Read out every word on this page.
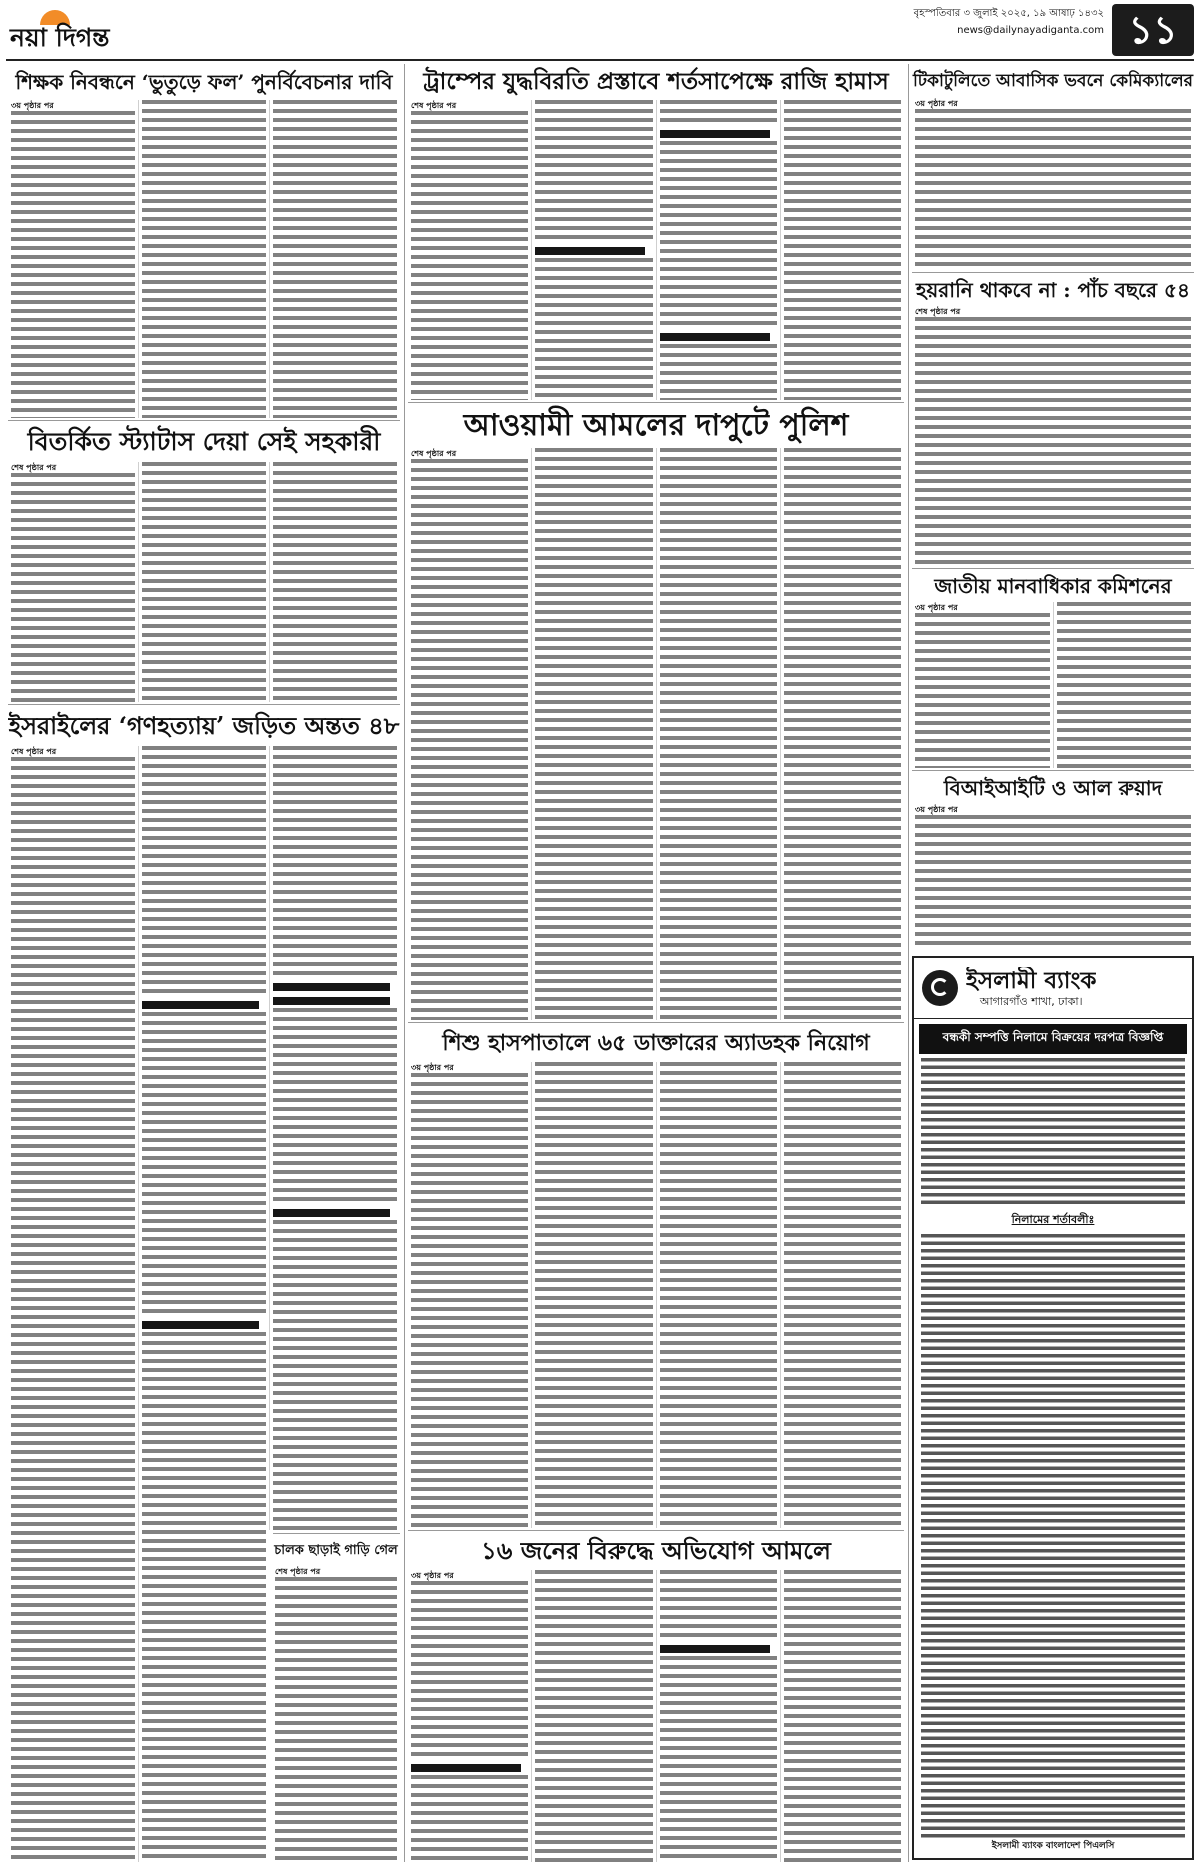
নয়া দিগন্ত
বৃহস্পতিবার ৩ জুলাই ২০২৫, ১৯ আষাঢ় ১৪৩২
news@dailynayadiganta.com ১১
শিক্ষক নিবন্ধনে ‘ভুতুড়ে ফল’ পুনর্বিবেচনার দাবি
৩য় পৃষ্ঠার পর
বিতর্কিত স্ট্যাটাস দেয়া সেই সহকারী
শেষ পৃষ্ঠার পর
ইসরাইলের ‘গণহত্যায়’ জড়িত অন্তত ৪৮
শেষ পৃষ্ঠার পর
চালক ছাড়াই গাড়ি গেল
শেষ পৃষ্ঠার পর
ট্রাম্পের যুদ্ধবিরতি প্রস্তাবে শর্তসাপেক্ষে রাজি হামাস
শেষ পৃষ্ঠার পর
আওয়ামী আমলের দাপুটে পুলিশ
শেষ পৃষ্ঠার পর
শিশু হাসপাতালে ৬৫ ডাক্তারের অ্যাডহক নিয়োগ
৩য় পৃষ্ঠার পর
১৬ জনের বিরুদ্ধে অভিযোগ আমলে
৩য় পৃষ্ঠার পর
টিকাটুলিতে আবাসিক ভবনে কেমিক্যালের
৩য় পৃষ্ঠার পর
হয়রানি থাকবে না : পাঁচ বছরে ৫৪
শেষ পৃষ্ঠার পর
জাতীয় মানবাধিকার কমিশনের
৩য় পৃষ্ঠার পর
বিআইআইটি ও আল রুয়াদ
৩য় পৃষ্ঠার পর
ইসলামী ব্যাংক
আগারগাঁও শাখা, ঢাকা।
বন্ধকী সম্পত্তি নিলামে বিক্রয়ের দরপত্র বিজ্ঞপ্তি
নিলামের শর্তাবলীঃ
ইসলামী ব্যাংক বাংলাদেশ পিএলসি
